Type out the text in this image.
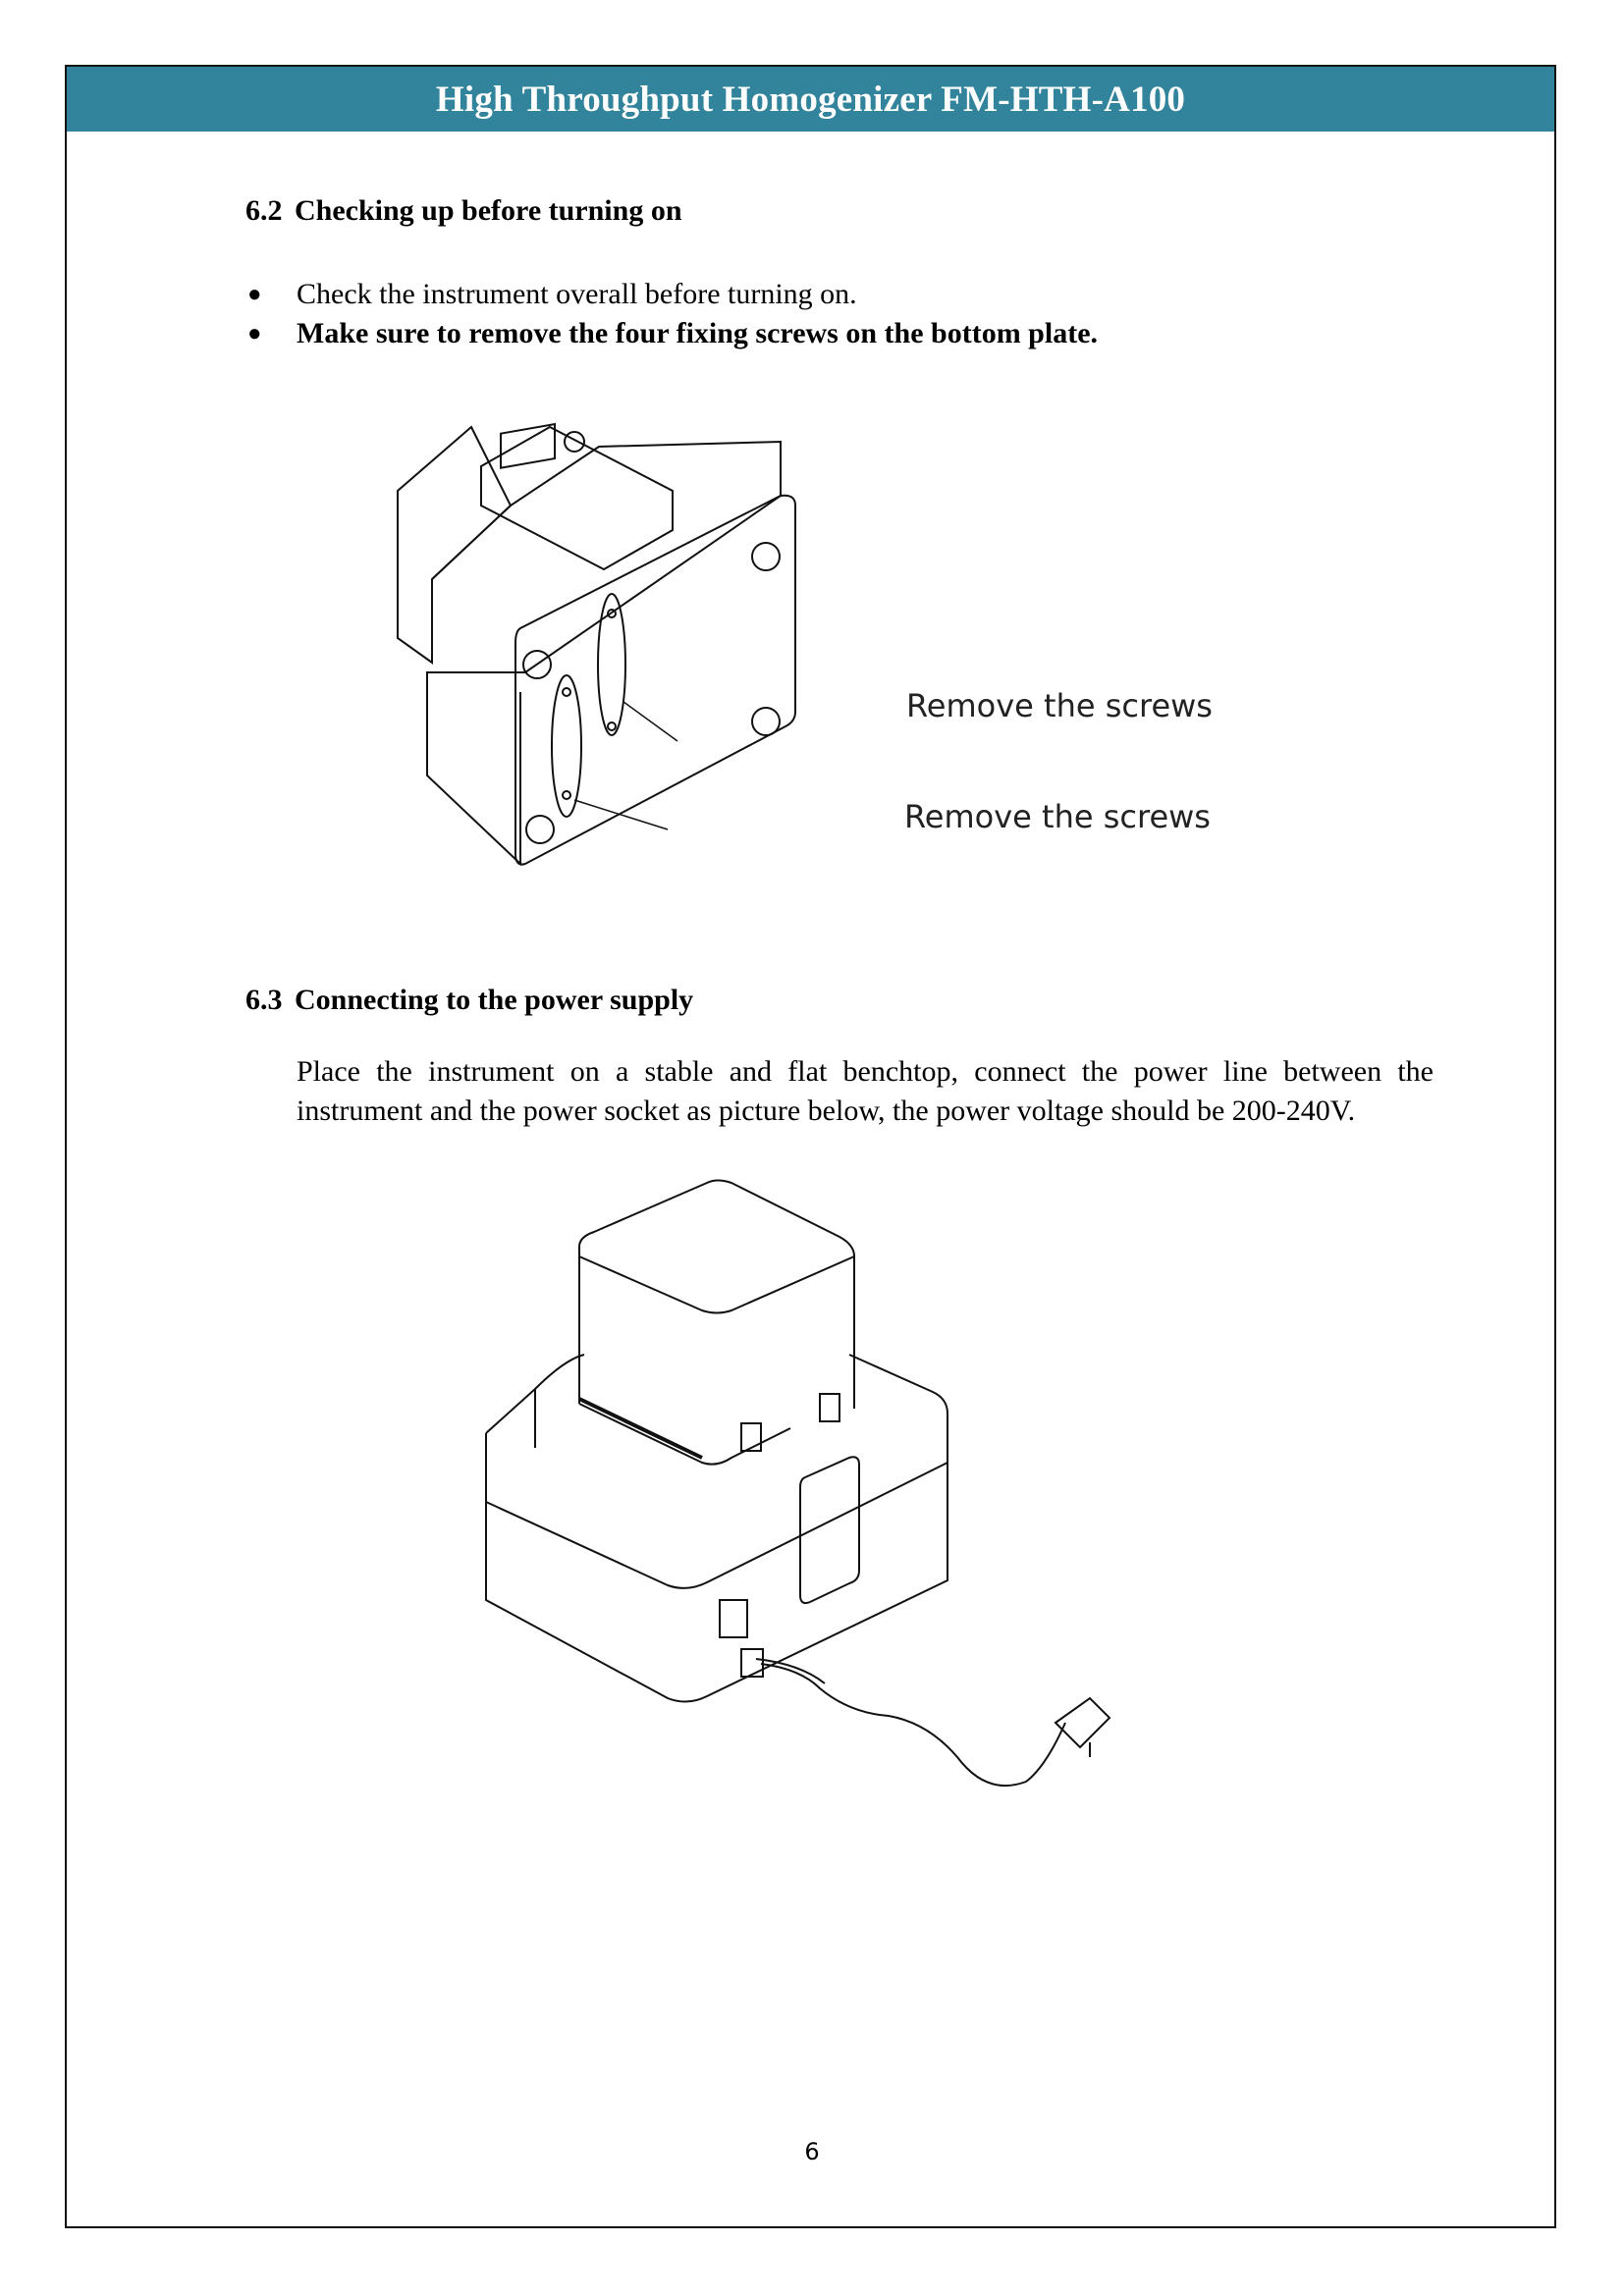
High Throughput Homogenizer FM-HTH-A100
6.2 Checking up before turning on
● Check the instrument overall before turning on.
● Make sure to remove the four fixing screws on the bottom plate.
Remove the screws
Remove the screws
6.3 Connecting to the power supply

Place the instrument on a stable and flat benchtop, connect the power line between the instrument and the power socket as picture below, the power voltage should be 200-240V.

6
